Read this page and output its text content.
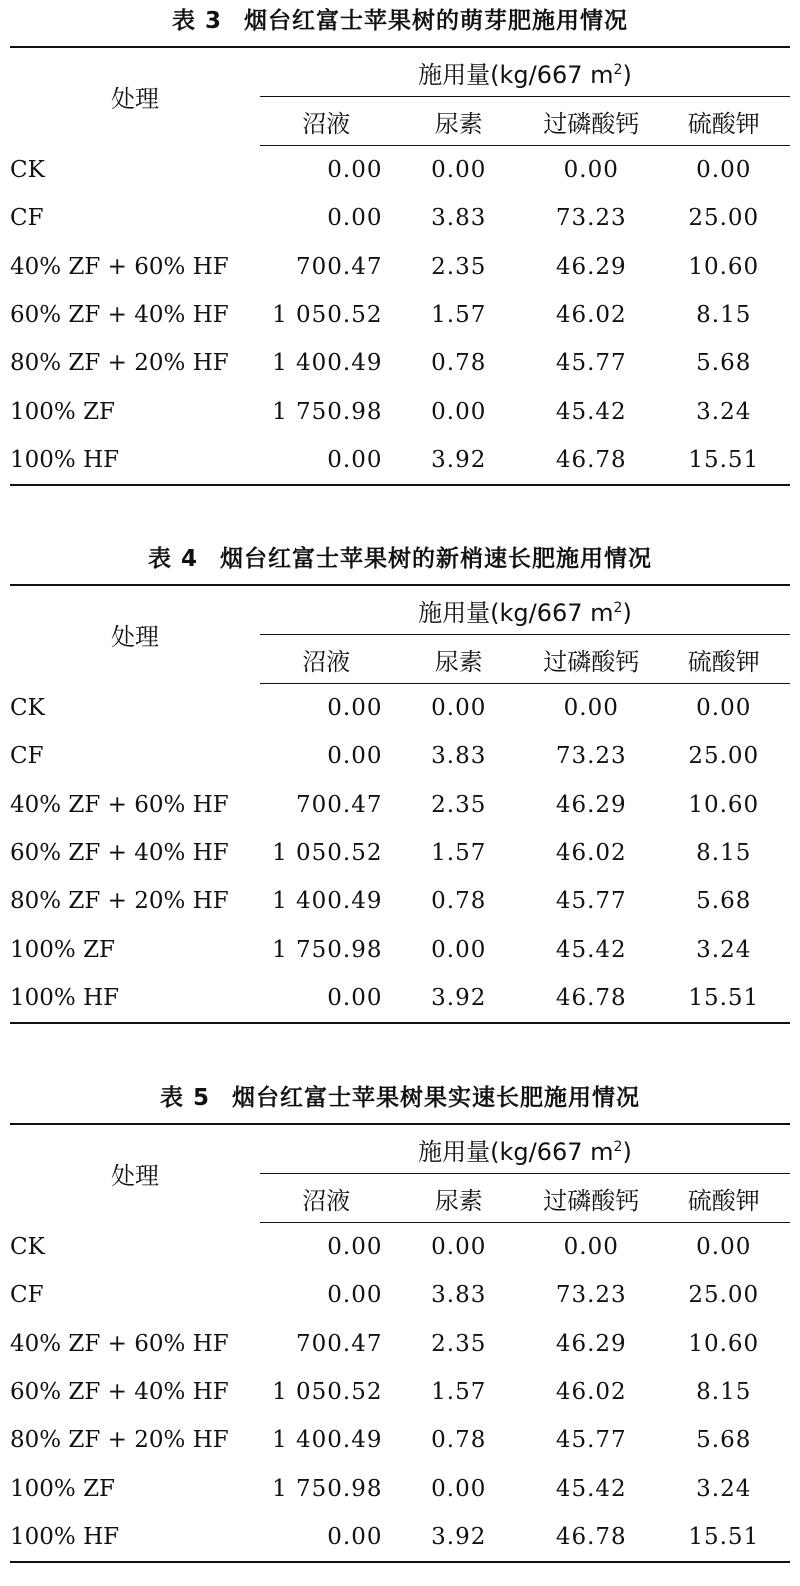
表 3 烟台红富士苹果树的萌芽肥施用情况
处理	施用量(kg/667 $m^2$)			
	沼液	尿素	过磷酸钙	硫酸钾
CK	0.00	0.00	0.00	0.00
CF	0.00	3.83	73.23	25.00
40% ZF + 60% HF	700.47	2.35	46.29	10.60
60% ZF + 40% HF	1 050.52	1.57	46.02	8.15
80% ZF + 20% HF	1 400.49	0.78	45.77	5.68
100% ZF	1 750.98	0.00	45.42	3.24
100% HF	0.00	3.92	46.78	15.51
表 4 烟台红富士苹果树的新梢速长肥施用情况
处理	施用量(kg/667 $m^2$)			
	沼液	尿素	过磷酸钙	硫酸钾
CK	0.00	0.00	0.00	0.00
CF	0.00	3.83	73.23	25.00
40% ZF + 60% HF	700.47	2.35	46.29	10.60
60% ZF + 40% HF	1 050.52	1.57	46.02	8.15
80% ZF + 20% HF	1 400.49	0.78	45.77	5.68
100% ZF	1 750.98	0.00	45.42	3.24
100% HF	0.00	3.92	46.78	15.51
表 5 烟台红富士苹果树果实速长肥施用情况
处理	施用量(kg/667 $m^2$)			
	沼液	尿素	过磷酸钙	硫酸钾
CK	0.00	0.00	0.00	0.00
CF	0.00	3.83	73.23	25.00
40% ZF + 60% HF	700.47	2.35	46.29	10.60
60% ZF + 40% HF	1 050.52	1.57	46.02	8.15
80% ZF + 20% HF	1 400.49	0.78	45.77	5.68
100% ZF	1 750.98	0.00	45.42	3.24
100% HF	0.00	3.92	46.78	15.51
